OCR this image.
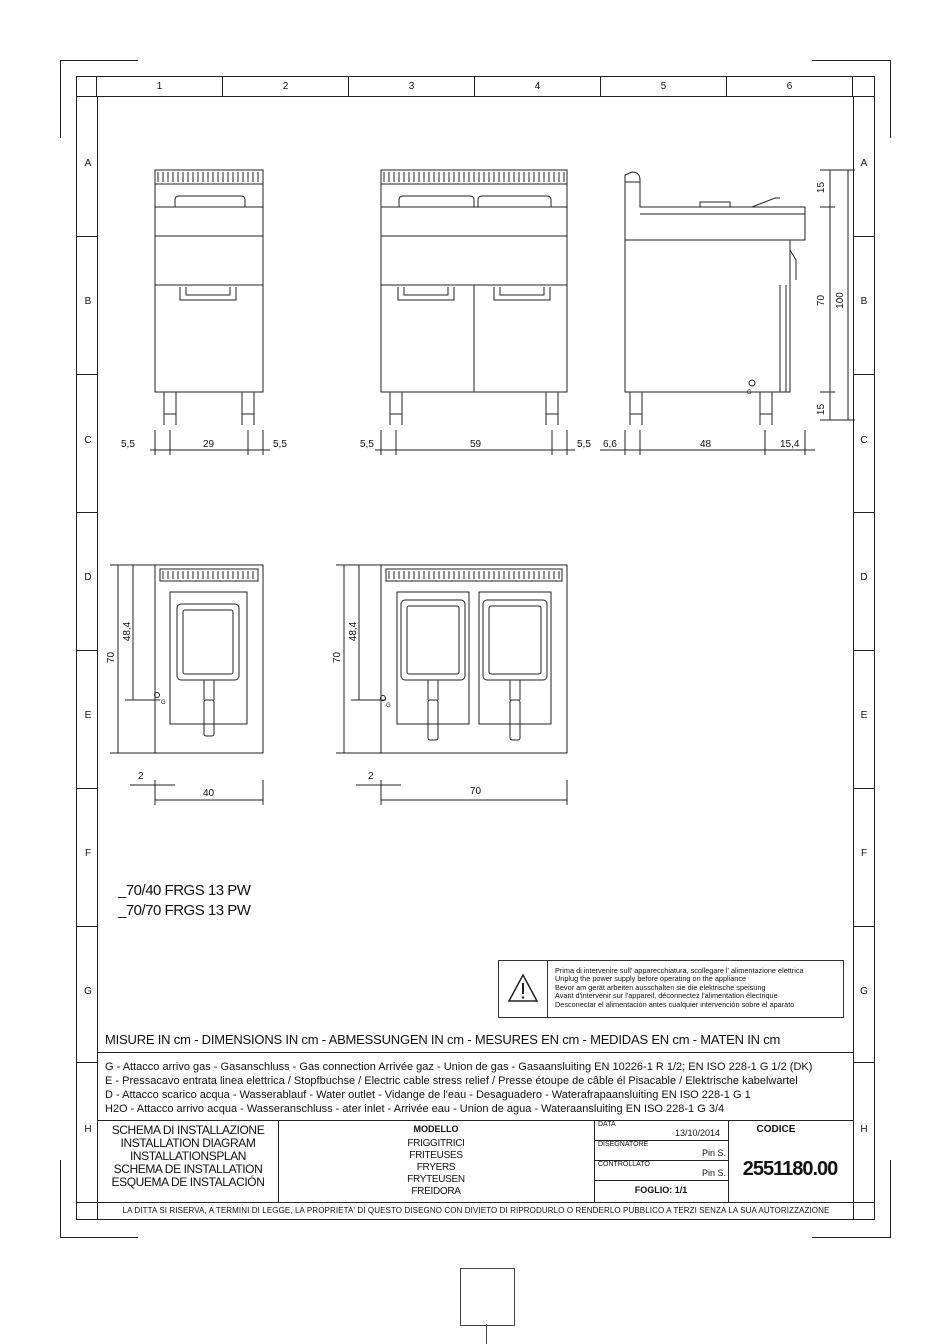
1	2	3	4	5	6
A	A
B	B
C	C
D	D
E	E
F	F
G	G
H	H
5,5	29	5,5	5,5	59	5,5 6,6	48	15,4
15
70 100
15
G
70
48,4
2
40
G
70
48,4
2
70
G
_70/40 FRGS 13 PW
_70/70 FRGS 13 PW
Prima di intervenire sull' apparecchiatura, scollegare l' alimentazione elettrica
Unplug the power supply before operating on the appliance
Bevor am gerät arbeiten ausschalten sie die elektrische speisung
Avant d'intervenir sur l'appareil, déconnectez l'alimentation électrique
Desconectar el alimentación antes cualquier intervención sobre el aparato
MISURE IN cm - DIMENSIONS IN cm - ABMESSUNGEN IN cm - MESURES EN cm - MEDIDAS EN cm - MATEN IN cm
G - Attacco arrivo gas - Gasanschluss - Gas connection Arrivée gaz - Union de gas - Gasaansluiting EN 10226-1 R 1/2; EN ISO 228-1 G 1/2 (DK)
E - Pressacavo entrata linea elettrica / Stopfbuchse / Electric cable stress relief / Presse étoupe de câble él Pisacable / Elektrische kabelwartel
D - Attacco scarico acqua - Wasserablauf - Water outlet - Vidange de l'eau - Desaguadero - Waterafrapaansluiting EN ISO 228-1 G 1
H2O - Attacco arrivo acqua - Wasseranschluss - ater inlet - Arrivée eau - Union de agua - Wateraansluiting EN ISO 228-1 G 3/4
SCHEMA DI INSTALLAZIONE
INSTALLATION DIAGRAM
INSTALLATIONSPLAN
SCHEMA DE INSTALLATION
ESQUEMA DE INSTALACIÓN
MODELLO
FRIGGITRICI
FRITEUSES
FRYERS
FRYTEUSEN
FREIDORA
DATA
13/10/2014
DISEGNATORE
Pin S.
CONTROLLATO
Pin S.
FOGLIO: 1/1
CODICE
2551180.00
LA DITTA SI RISERVA, A TERMINI DI LEGGE, LA PROPRIETA' DI QUESTO DISEGNO CON DIVIETO DI RIPRODURLO O RENDERLO PUBBLICO A TERZI SENZA LA SUA AUTORIZZAZIONE
